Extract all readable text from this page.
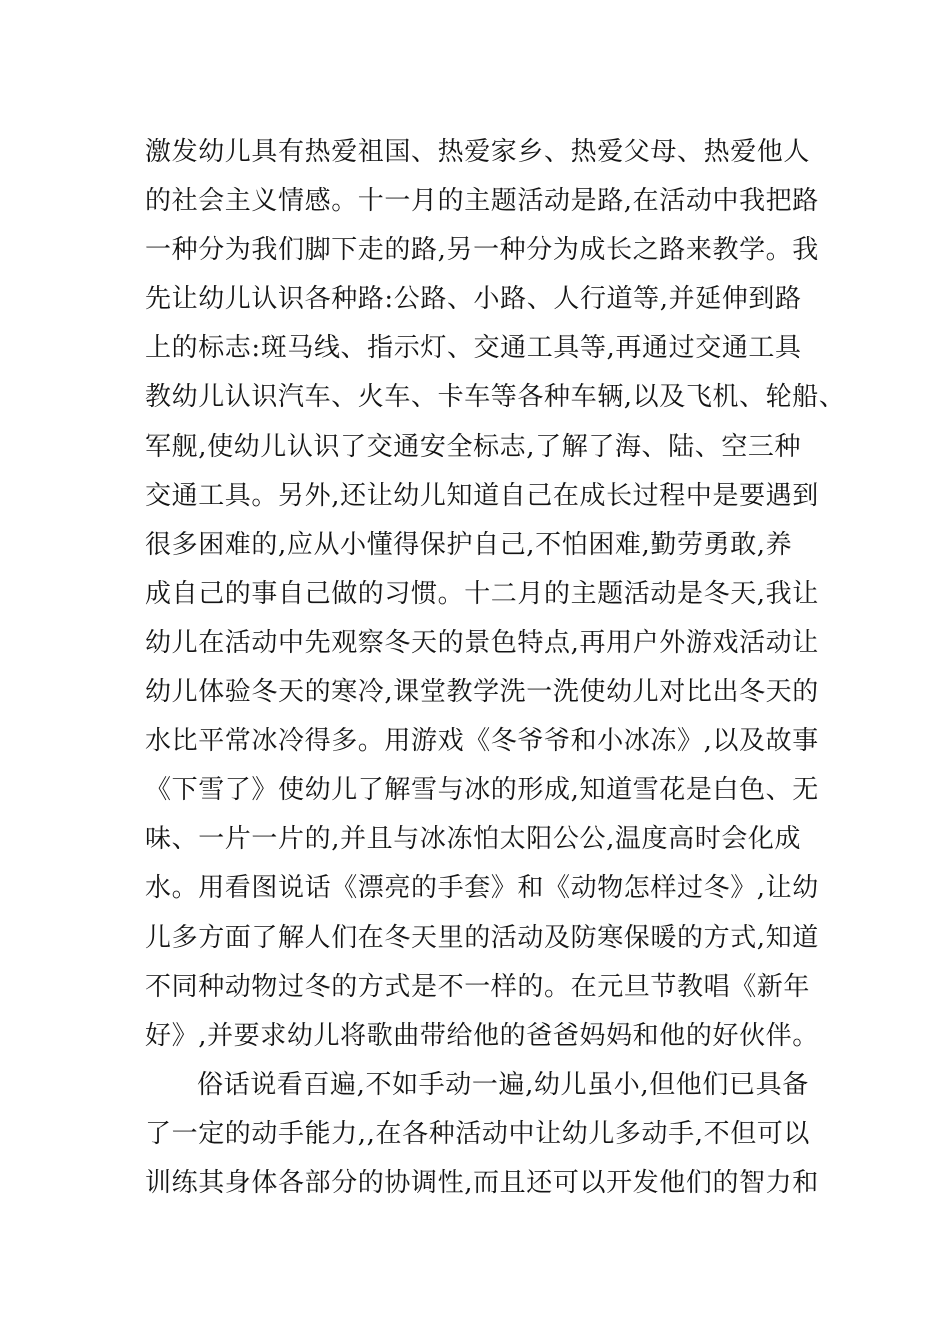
激发幼儿具有热爱祖国、热爱家乡、热爱父母、热爱他人
的社会主义情感。十一月的主题活动是路,在活动中我把路
一种分为我们脚下走的路,另一种分为成长之路来教学。我
先让幼儿认识各种路:公路、小路、人行道等,并延伸到路
上的标志:斑马线、指示灯、交通工具等,再通过交通工具
教幼儿认识汽车、火车、卡车等各种车辆,以及飞机、轮船、
军舰,使幼儿认识了交通安全标志,了解了海、陆、空三种
交通工具。另外,还让幼儿知道自己在成长过程中是要遇到
很多困难的,应从小懂得保护自己,不怕困难,勤劳勇敢,养
成自己的事自己做的习惯。十二月的主题活动是冬天,我让
幼儿在活动中先观察冬天的景色特点,再用户外游戏活动让
幼儿体验冬天的寒冷,课堂教学洗一洗使幼儿对比出冬天的
水比平常冰冷得多。用游戏《冬爷爷和小冰冻》,以及故事
《下雪了》使幼儿了解雪与冰的形成,知道雪花是白色、无
味、一片一片的,并且与冰冻怕太阳公公,温度高时会化成
水。用看图说话《漂亮的手套》和《动物怎样过冬》,让幼
儿多方面了解人们在冬天里的活动及防寒保暖的方式,知道
不同种动物过冬的方式是不一样的。在元旦节教唱《新年
好》,并要求幼儿将歌曲带给他的爸爸妈妈和他的好伙伴。
俗话说看百遍,不如手动一遍,幼儿虽小,但他们已具备
了一定的动手能力,,在各种活动中让幼儿多动手,不但可以
训练其身体各部分的协调性,而且还可以开发他们的智力和
